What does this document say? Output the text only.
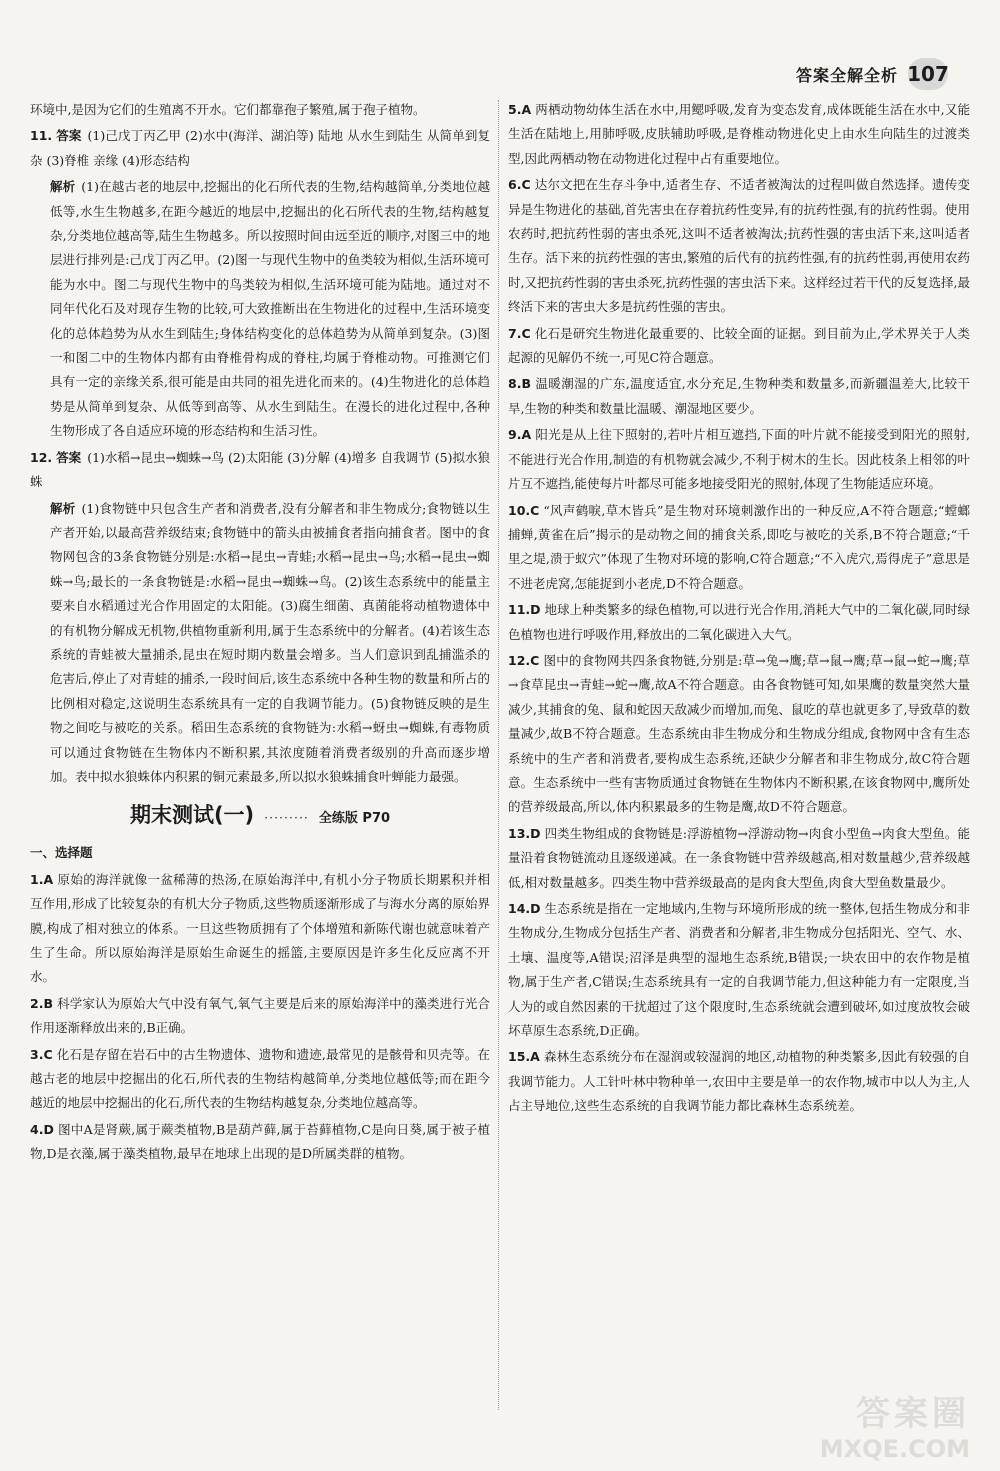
答案全解全析 107
环境中,是因为它们的生殖离不开水。它们都靠孢子繁殖,属于孢子植物。
11. 答案 (1)己戊丁丙乙甲 (2)水中(海洋、湖泊等) 陆地 从水生到陆生 从简单到复杂 (3)脊椎 亲缘 (4)形态结构
解析 (1)在越古老的地层中,挖掘出的化石所代表的生物,结构越简单,分类地位越低等,水生生物越多,在距今越近的地层中,挖掘出的化石所代表的生物,结构越复杂,分类地位越高等,陆生生物越多。所以按照时间由远至近的顺序,对图三中的地层进行排列是:己戊丁丙乙甲。(2)图一与现代生物中的鱼类较为相似,生活环境可能为水中。图二与现代生物中的鸟类较为相似,生活环境可能为陆地。通过对不同年代化石及对现存生物的比较,可大致推断出在生物进化的过程中,生活环境变化的总体趋势为从水生到陆生;身体结构变化的总体趋势为从简单到复杂。(3)图一和图二中的生物体内都有由脊椎骨构成的脊柱,均属于脊椎动物。可推测它们具有一定的亲缘关系,很可能是由共同的祖先进化而来的。(4)生物进化的总体趋势是从简单到复杂、从低等到高等、从水生到陆生。在漫长的进化过程中,各种生物形成了各自适应环境的形态结构和生活习性。
12. 答案 (1)水稻→昆虫→蜘蛛→鸟 (2)太阳能 (3)分解 (4)增多 自我调节 (5)拟水狼蛛
解析 (1)食物链中只包含生产者和消费者,没有分解者和非生物成分;食物链以生产者开始,以最高营养级结束;食物链中的箭头由被捕食者指向捕食者。图中的食物网包含的3条食物链分别是:水稻→昆虫→青蛙;水稻→昆虫→鸟;水稻→昆虫→蜘蛛→鸟;最长的一条食物链是:水稻→昆虫→蜘蛛→鸟。(2)该生态系统中的能量主要来自水稻通过光合作用固定的太阳能。(3)腐生细菌、真菌能将动植物遗体中的有机物分解成无机物,供植物重新利用,属于生态系统中的分解者。(4)若该生态系统的青蛙被大量捕杀,昆虫在短时期内数量会增多。当人们意识到乱捕滥杀的危害后,停止了对青蛙的捕杀,一段时间后,该生态系统中各种生物的数量和所占的比例相对稳定,这说明生态系统具有一定的自我调节能力。(5)食物链反映的是生物之间吃与被吃的关系。稻田生态系统的食物链为:水稻→蚜虫→蜘蛛,有毒物质可以通过食物链在生物体内不断积累,其浓度随着消费者级别的升高而逐步增加。表中拟水狼蛛体内积累的铜元素最多,所以拟水狼蛛捕食叶蝉能力最强。
期末测试(一) ········· 全练版 P70
一、选择题
1.A 原始的海洋就像一盆稀薄的热汤,在原始海洋中,有机小分子物质长期累积并相互作用,形成了比较复杂的有机大分子物质,这些物质逐渐形成了与海水分离的原始界膜,构成了相对独立的体系。一旦这些物质拥有了个体增殖和新陈代谢也就意味着产生了生命。所以原始海洋是原始生命诞生的摇篮,主要原因是许多生化反应离不开水。
2.B 科学家认为原始大气中没有氧气,氧气主要是后来的原始海洋中的藻类进行光合作用逐渐释放出来的,B正确。
3.C 化石是存留在岩石中的古生物遗体、遗物和遗迹,最常见的是骸骨和贝壳等。在越古老的地层中挖掘出的化石,所代表的生物结构越简单,分类地位越低等;而在距今越近的地层中挖掘出的化石,所代表的生物结构越复杂,分类地位越高等。
4.D 图中A是肾蕨,属于蕨类植物,B是葫芦藓,属于苔藓植物,C是向日葵,属于被子植物,D是衣藻,属于藻类植物,最早在地球上出现的是D所属类群的植物。
5.A 两栖动物幼体生活在水中,用鳃呼吸,发育为变态发育,成体既能生活在水中,又能生活在陆地上,用肺呼吸,皮肤辅助呼吸,是脊椎动物进化史上由水生向陆生的过渡类型,因此两栖动物在动物进化过程中占有重要地位。
6.C 达尔文把在生存斗争中,适者生存、不适者被淘汰的过程叫做自然选择。遗传变异是生物进化的基础,首先害虫在存着抗药性变异,有的抗药性强,有的抗药性弱。使用农药时,把抗药性弱的害虫杀死,这叫不适者被淘汰;抗药性强的害虫活下来,这叫适者生存。活下来的抗药性强的害虫,繁殖的后代有的抗药性强,有的抗药性弱,再使用农药时,又把抗药性弱的害虫杀死,抗药性强的害虫活下来。这样经过若干代的反复选择,最终活下来的害虫大多是抗药性强的害虫。
7.C 化石是研究生物进化最重要的、比较全面的证据。到目前为止,学术界关于人类起源的见解仍不统一,可见C符合题意。
8.B 温暖潮湿的广东,温度适宜,水分充足,生物种类和数量多,而新疆温差大,比较干旱,生物的种类和数量比温暖、潮湿地区要少。
9.A 阳光是从上往下照射的,若叶片相互遮挡,下面的叶片就不能接受到阳光的照射,不能进行光合作用,制造的有机物就会减少,不利于树木的生长。因此枝条上相邻的叶片互不遮挡,能使每片叶都尽可能多地接受阳光的照射,体现了生物能适应环境。
10.C “风声鹤唳,草木皆兵”是生物对环境刺激作出的一种反应,A不符合题意;“螳螂捕蝉,黄雀在后”揭示的是动物之间的捕食关系,即吃与被吃的关系,B不符合题意;“千里之堤,溃于蚁穴”体现了生物对环境的影响,C符合题意;“不入虎穴,焉得虎子”意思是不进老虎窝,怎能捉到小老虎,D不符合题意。
11.D 地球上种类繁多的绿色植物,可以进行光合作用,消耗大气中的二氧化碳,同时绿色植物也进行呼吸作用,释放出的二氧化碳进入大气。
12.C 图中的食物网共四条食物链,分别是:草→兔→鹰;草→鼠→鹰;草→鼠→蛇→鹰;草→食草昆虫→青蛙→蛇→鹰,故A不符合题意。由各食物链可知,如果鹰的数量突然大量减少,其捕食的兔、鼠和蛇因天敌减少而增加,而兔、鼠吃的草也就更多了,导致草的数量减少,故B不符合题意。生态系统由非生物成分和生物成分组成,食物网中含有生态系统中的生产者和消费者,要构成生态系统,还缺少分解者和非生物成分,故C符合题意。生态系统中一些有害物质通过食物链在生物体内不断积累,在该食物网中,鹰所处的营养级最高,所以,体内积累最多的生物是鹰,故D不符合题意。
13.D 四类生物组成的食物链是:浮游植物→浮游动物→肉食小型鱼→肉食大型鱼。能量沿着食物链流动且逐级递减。在一条食物链中营养级越高,相对数量越少,营养级越低,相对数量越多。四类生物中营养级最高的是肉食大型鱼,肉食大型鱼数量最少。
14.D 生态系统是指在一定地域内,生物与环境所形成的统一整体,包括生物成分和非生物成分,生物成分包括生产者、消费者和分解者,非生物成分包括阳光、空气、水、土壤、温度等,A错误;沼泽是典型的湿地生态系统,B错误;一块农田中的农作物是植物,属于生产者,C错误;生态系统具有一定的自我调节能力,但这种能力有一定限度,当人为的或自然因素的干扰超过了这个限度时,生态系统就会遭到破坏,如过度放牧会破坏草原生态系统,D正确。
15.A 森林生态系统分布在湿润或较湿润的地区,动植物的种类繁多,因此有较强的自我调节能力。人工针叶林中物种单一,农田中主要是单一的农作物,城市中以人为主,人占主导地位,这些生态系统的自我调节能力都比森林生态系统差。
答案圈
MXQE.COM
